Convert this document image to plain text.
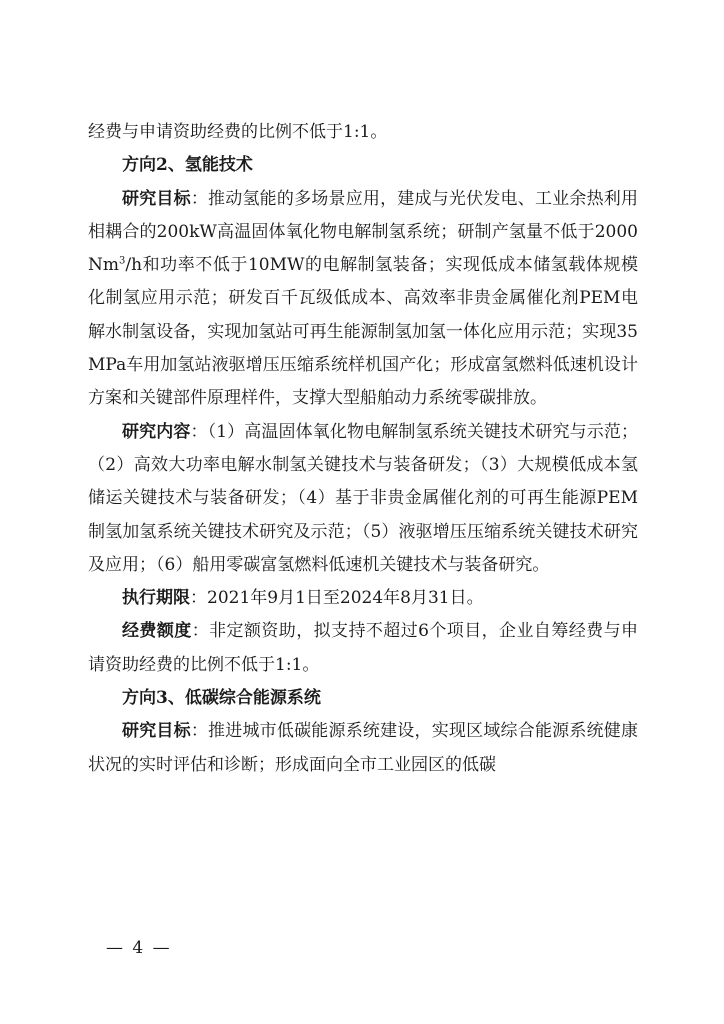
经费与申请资助经费的比例不低于1:1。

方向2、氢能技术

研究目标：推动氢能的多场景应用，建成与光伏发电、工业余热利用相耦合的200kW高温固体氧化物电解制氢系统；研制产氢量不低于2000Nm$^3$/h和功率不低于10MW的电解制氢装备；实现低成本储氢载体规模化制氢应用示范；研发百千瓦级低成本、高效率非贵金属催化剂PEM电解水制氢设备，实现加氢站可再生能源制氢加氢一体化应用示范；实现35MPa车用加氢站液驱增压压缩系统样机国产化；形成富氢燃料低速机设计方案和关键部件原理样件，支撑大型船舶动力系统零碳排放。

研究内容：（1）高温固体氧化物电解制氢系统关键技术研究与示范；（2）高效大功率电解水制氢关键技术与装备研发；（3）大规模低成本氢储运关键技术与装备研发；（4）基于非贵金属催化剂的可再生能源PEM制氢加氢系统关键技术研究及示范；（5）液驱增压压缩系统关键技术研究及应用；（6）船用零碳富氢燃料低速机关键技术与装备研究。

执行期限：2021年9月1日至2024年8月31日。

经费额度：非定额资助，拟支持不超过6个项目，企业自筹经费与申请资助经费的比例不低于1:1。

方向3、低碳综合能源系统

研究目标：推进城市低碳能源系统建设，实现区域综合能源系统健康状况的实时评估和诊断；形成面向全市工业园区的低碳

— 4 —
